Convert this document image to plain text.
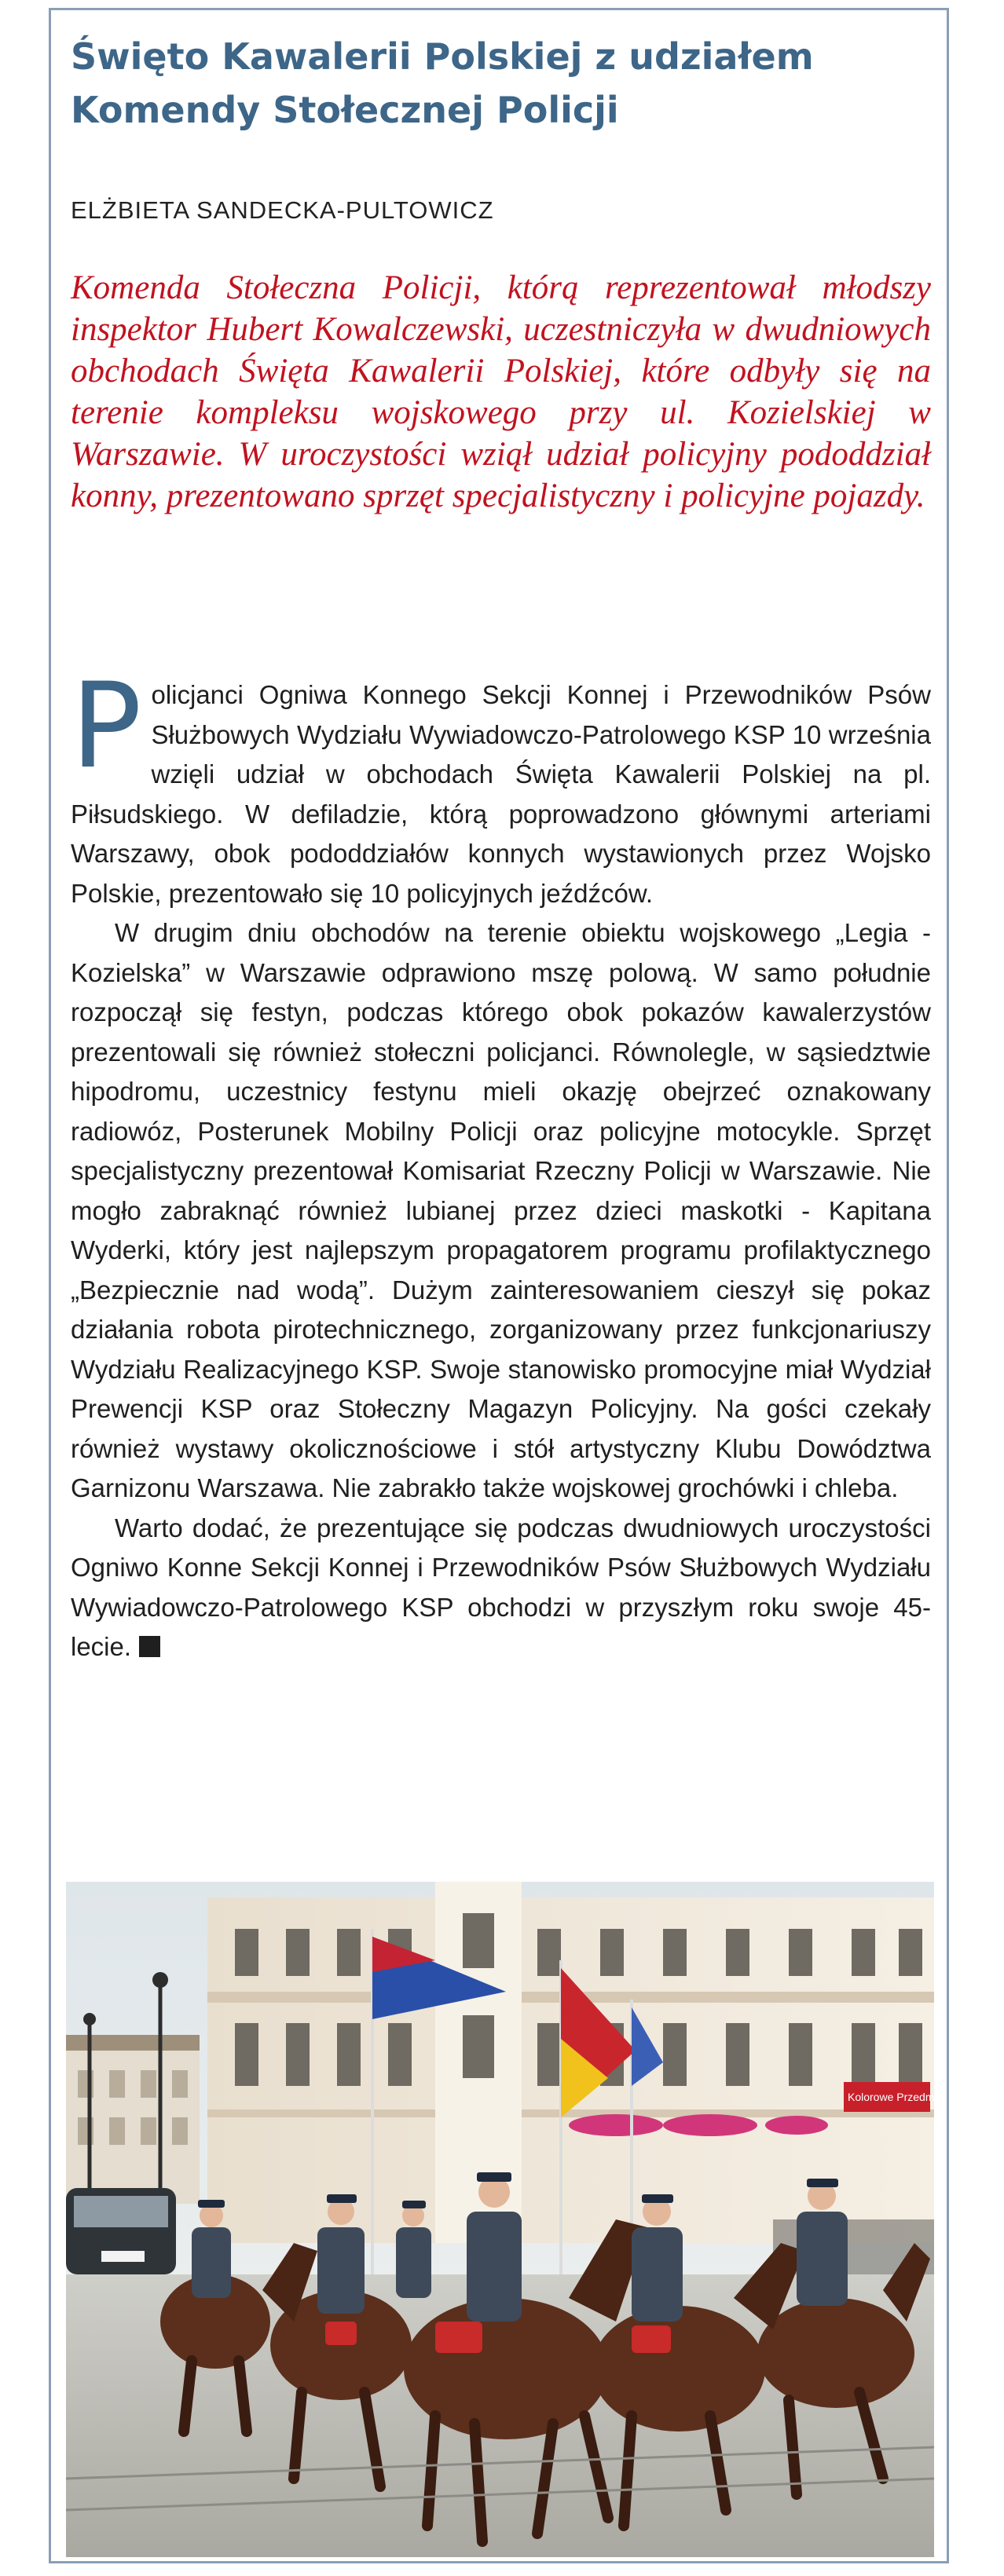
Święto Kawalerii Polskiej z udziałem Komendy Stołecznej Policji
ELŻBIETA SANDECKA-PULTOWICZ

Komenda Stołeczna Policji, którą reprezentował młodszy inspektor Hubert Kowalczewski, uczestniczyła w dwudniowych obchodach Święta Kawalerii Polskiej, które odbyły się na terenie kompleksu wojskowego przy ul. Kozielskiej w Warszawie. W uroczystości wziął udział policyjny pododdział konny, prezentowano sprzęt specjalistyczny i policyjne pojazdy.

Policjanci Ogniwa Konnego Sekcji Konnej i Przewodników Psów Służbowych Wydziału Wywiadowczo-Patrolowego KSP 10 września wzięli udział w obchodach Święta Kawalerii Polskiej na pl. Piłsudskiego. W defiladzie, którą poprowadzono głównymi arteriami Warszawy, obok pododdziałów konnych wystawionych przez Wojsko Polskie, prezentowało się 10 policyjnych jeźdźców.

W drugim dniu obchodów na terenie obiektu wojskowego „Legia - Kozielska” w Warszawie odprawiono mszę polową. W samo południe rozpoczął się festyn, podczas którego obok pokazów kawalerzystów prezentowali się również stołeczni policjanci. Równolegle, w sąsiedztwie hipodromu, uczestnicy festynu mieli okazję obejrzeć oznakowany radiowóz, Posterunek Mobilny Policji oraz policyjne motocykle. Sprzęt specjalistyczny prezentował Komisariat Rzeczny Policji w Warszawie. Nie mogło zabraknąć również lubianej przez dzieci maskotki - Kapitana Wyderki, który jest najlepszym propagatorem programu profilaktycznego „Bezpiecznie nad wodą”. Dużym zainteresowaniem cieszył się pokaz działania robota pirotechnicznego, zorganizowany przez funkcjonariuszy Wydziału Realizacyjnego KSP. Swoje stanowisko promocyjne miał Wydział Prewencji KSP oraz Stołeczny Magazyn Policyjny. Na gości czekały również wystawy okolicznościowe i stół artystyczny Klubu Dowództwa Garnizonu Warszawa. Nie zabrakło także wojskowej grochówki i chleba.

Warto dodać, że prezentujące się podczas dwudniowych uroczystości Ogniwo Konne Sekcji Konnej i Przewodników Psów Służbowych Wydziału Wywiadowczo-Patrolowego KSP obchodzi w przyszłym roku swoje 45-lecie.

Kolorowe Przedm
